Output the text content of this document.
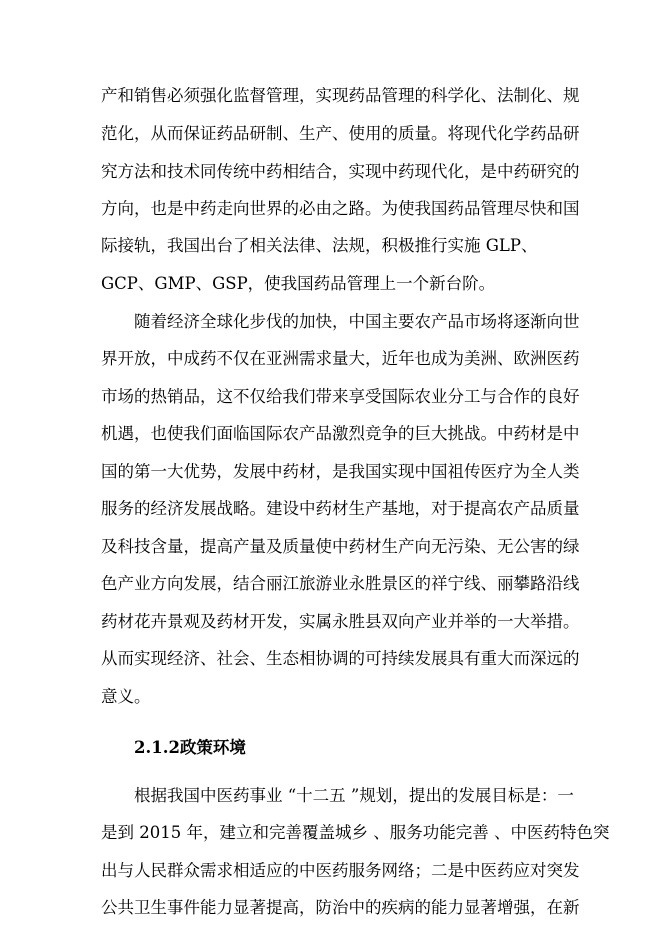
产和销售必须强化监督管理，实现药品管理的科学化、法制化、规

范化，从而保证药品研制、生产、使用的质量。将现代化学药品研

究方法和技术同传统中药相结合，实现中药现代化，是中药研究的

方向，也是中药走向世界的必由之路。为使我国药品管理尽快和国

际接轨，我国出台了相关法律、法规，积极推行实施 GLP、

GCP、GMP、GSP，使我国药品管理上一个新台阶。

随着经济全球化步伐的加快，中国主要农产品市场将逐渐向世

界开放，中成药不仅在亚洲需求量大，近年也成为美洲、欧洲医药

市场的热销品，这不仅给我们带来享受国际农业分工与合作的良好

机遇，也使我们面临国际农产品激烈竞争的巨大挑战。中药材是中

国的第一大优势，发展中药材，是我国实现中国祖传医疗为全人类

服务的经济发展战略。建设中药材生产基地，对于提高农产品质量

及科技含量，提高产量及质量使中药材生产向无污染、无公害的绿

色产业方向发展，结合丽江旅游业永胜景区的祥宁线、丽攀路沿线

药材花卉景观及药材开发，实属永胜县双向产业并举的一大举措。

从而实现经济、社会、生态相协调的可持续发展具有重大而深远的

意义。

2.1.2政策环境

根据我国中医药事业 “十二五 ”规划，提出的发展目标是：一

是到 2015 年，建立和完善覆盖城乡 、服务功能完善 、中医药特色突

出与人民群众需求相适应的中医药服务网络；二是中医药应对突发

公共卫生事件能力显著提高，防治中的疾病的能力显著增强，在新
